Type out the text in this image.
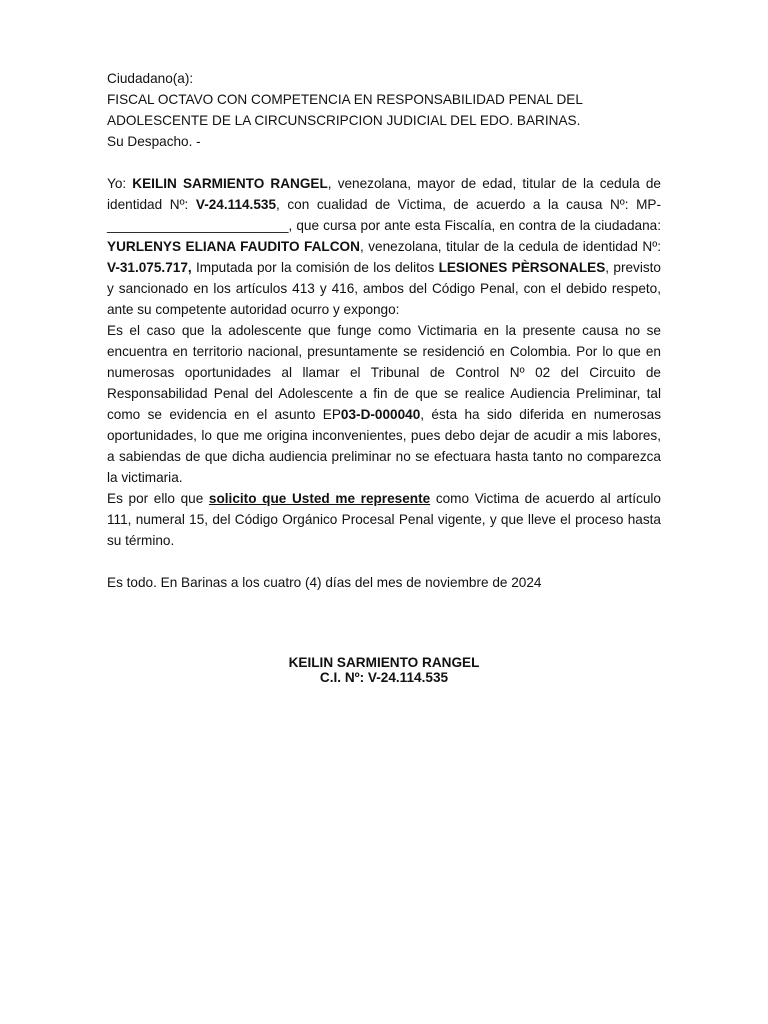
Ciudadano(a):
FISCAL OCTAVO CON COMPETENCIA EN RESPONSABILIDAD PENAL DEL
ADOLESCENTE DE LA CIRCUNSCRIPCION JUDICIAL DEL EDO. BARINAS.
Su Despacho. -

Yo: KEILIN SARMIENTO RANGEL, venezolana, mayor de edad, titular de la cedula de identidad Nº: V-24.114.535, con cualidad de Victima, de acuerdo a la causa Nº: MP-________________________, que cursa por ante esta Fiscalía, en contra de la ciudadana: YURLENYS ELIANA FAUDITO FALCON, venezolana, titular de la cedula de identidad Nº: V-31.075.717, Imputada por la comisión de los delitos LESIONES PÈRSONALES, previsto y sancionado en los artículos 413 y 416, ambos del Código Penal, con el debido respeto, ante su competente autoridad ocurro y expongo:

Es el caso que la adolescente que funge como Victimaria en la presente causa no se encuentra en territorio nacional, presuntamente se residenció en Colombia. Por lo que en numerosas oportunidades al llamar el Tribunal de Control Nº 02 del Circuito de Responsabilidad Penal del Adolescente a fin de que se realice Audiencia Preliminar, tal como se evidencia en el asunto EP03-D-000040, ésta ha sido diferida en numerosas oportunidades, lo que me origina inconvenientes, pues debo dejar de acudir a mis labores, a sabiendas de que dicha audiencia preliminar no se efectuara hasta tanto no comparezca la victimaria.

Es por ello que solicito que Usted me represente como Victima de acuerdo al artículo 111, numeral 15, del Código Orgánico Procesal Penal vigente, y que lleve el proceso hasta su término.

Es todo. En Barinas a los cuatro (4) días del mes de noviembre de 2024
KEILIN SARMIENTO RANGEL
C.I. Nº: V-24.114.535
